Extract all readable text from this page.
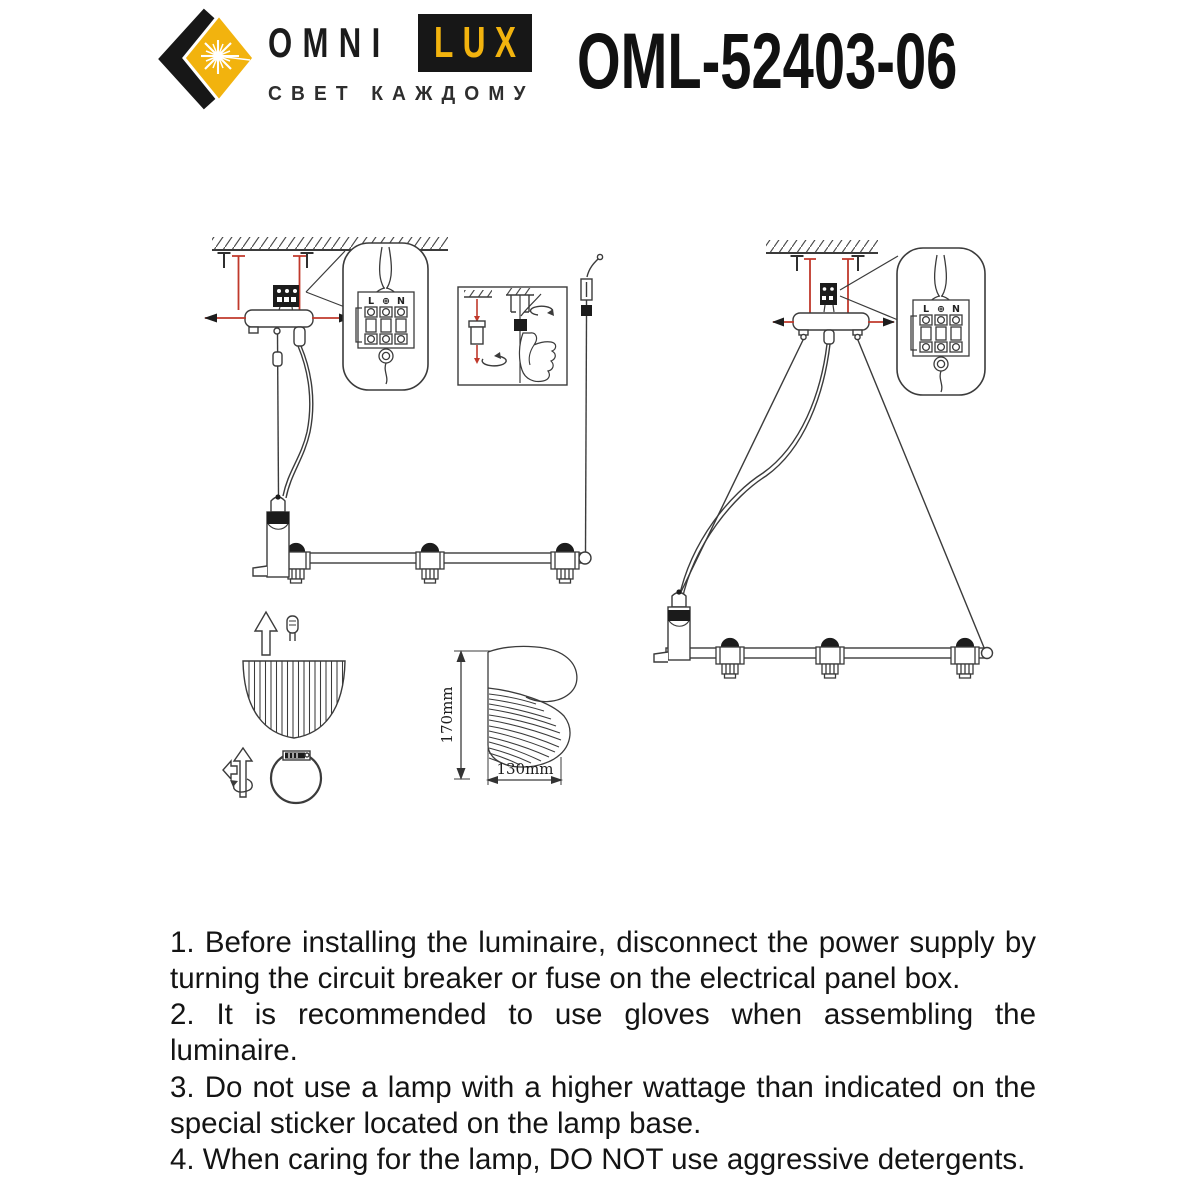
OMNI LUX
СВЕТ КАЖДОМУ OML-52403-06
L ⊕ N
170mm
130mm

1. Before installing the luminaire, disconnect the power supply by turning the circuit breaker or fuse on the electrical panel box.

2. It is recommended to use gloves when assembling the luminaire.

3. Do not use a lamp with a higher wattage than indicated on the special sticker located on the lamp base.

4. When caring for the lamp, DO NOT use aggressive detergents.
